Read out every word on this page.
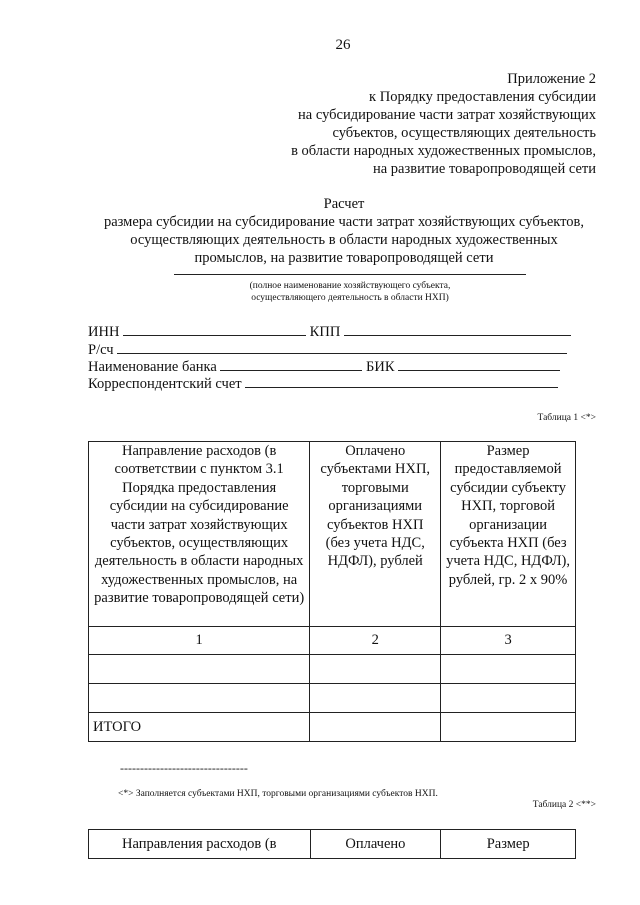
26
Приложение 2
к Порядку предоставления субсидии
на субсидирование части затрат хозяйствующих
субъектов, осуществляющих деятельность
в области народных художественных промыслов,
на развитие товаропроводящей сети
Расчет
размера субсидии на субсидирование части затрат хозяйствующих субъектов,
осуществляющих деятельность в области народных художественных
промыслов, на развитие товаропроводящей сети
(полное наименование хозяйствующего субъекта,
осуществляющего деятельность в области НХП)
ИНН	КПП
Р/сч
Наименование банка	БИК
Корреспондентский счет
Таблица 1 <*>
Направление расходов (в соответствии с пунктом 3.1 Порядка предоставления субсидии на субсидирование части затрат хозяйствующих субъектов, осуществляющих деятельность в области народных художественных промыслов, на развитие товаропроводящей сети)	Оплачено субъектами НХП, торговыми организациями субъектов НХП (без учета НДС, НДФЛ), рублей	Размер предоставляемой субсидии субъекту НХП, торговой организации субъекта НХП (без учета НДС, НДФЛ), рублей, гр. 2 x 90%
1	2	3

ИТОГО		
--------------------------------
<*> Заполняется субъектами НХП, торговыми организациями субъектов НХП.
Таблица 2 <**>
Направления расходов (в	Оплачено	Размер
